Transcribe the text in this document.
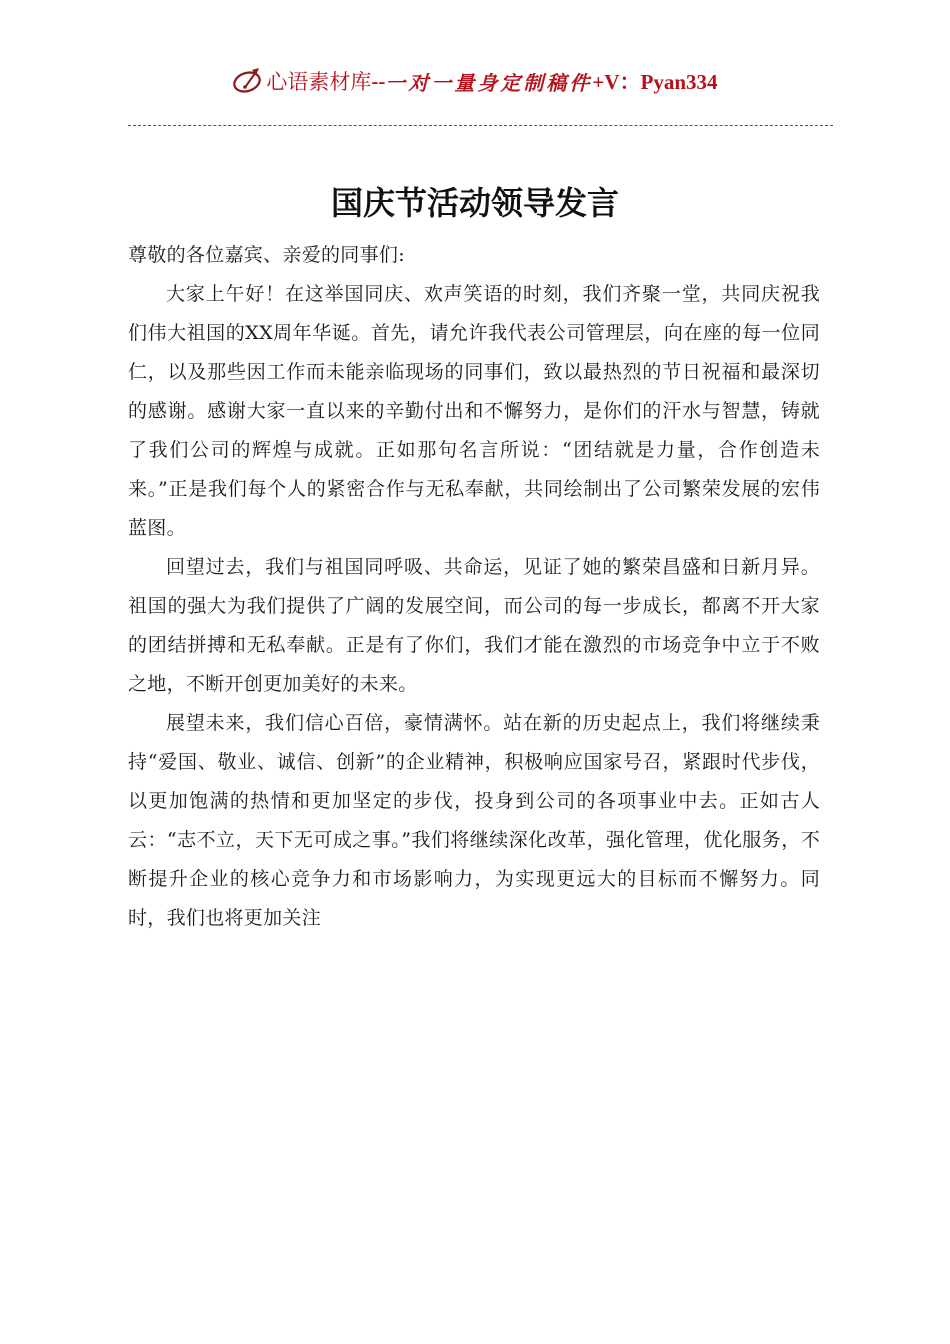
心语素材库 -- 一对一量身定制稿件 +V：Pyan334
国庆节活动领导发言

尊敬的各位嘉宾、亲爱的同事们:

大家上午好！在这举国同庆、欢声笑语的时刻，我们齐聚一堂，共同庆祝我们伟大祖国的XX周年华诞。首先，请允许我代表公司管理层，向在座的每一位同仁，以及那些因工作而未能亲临现场的同事们，致以最热烈的节日祝福和最深切的感谢。感谢大家一直以来的辛勤付出和不懈努力，是你们的汗水与智慧，铸就了我们公司的辉煌与成就。正如那句名言所说：“团结就是力量，合作创造未来。”正是我们每个人的紧密合作与无私奉献，共同绘制出了公司繁荣发展的宏伟蓝图。

回望过去，我们与祖国同呼吸、共命运，见证了她的繁荣昌盛和日新月异。祖国的强大为我们提供了广阔的发展空间，而公司的每一步成长，都离不开大家的团结拼搏和无私奉献。正是有了你们，我们才能在激烈的市场竞争中立于不败之地，不断开创更加美好的未来。

展望未来，我们信心百倍，豪情满怀。站在新的历史起点上，我们将继续秉持“爱国、敬业、诚信、创新”的企业精神，积极响应国家号召，紧跟时代步伐，以更加饱满的热情和更加坚定的步伐，投身到公司的各项事业中去。正如古人云：“志不立，天下无可成之事。”我们将继续深化改革，强化管理，优化服务，不断提升企业的核心竞争力和市场影响力，为实现更远大的目标而不懈努力。同时，我们也将更加关注
